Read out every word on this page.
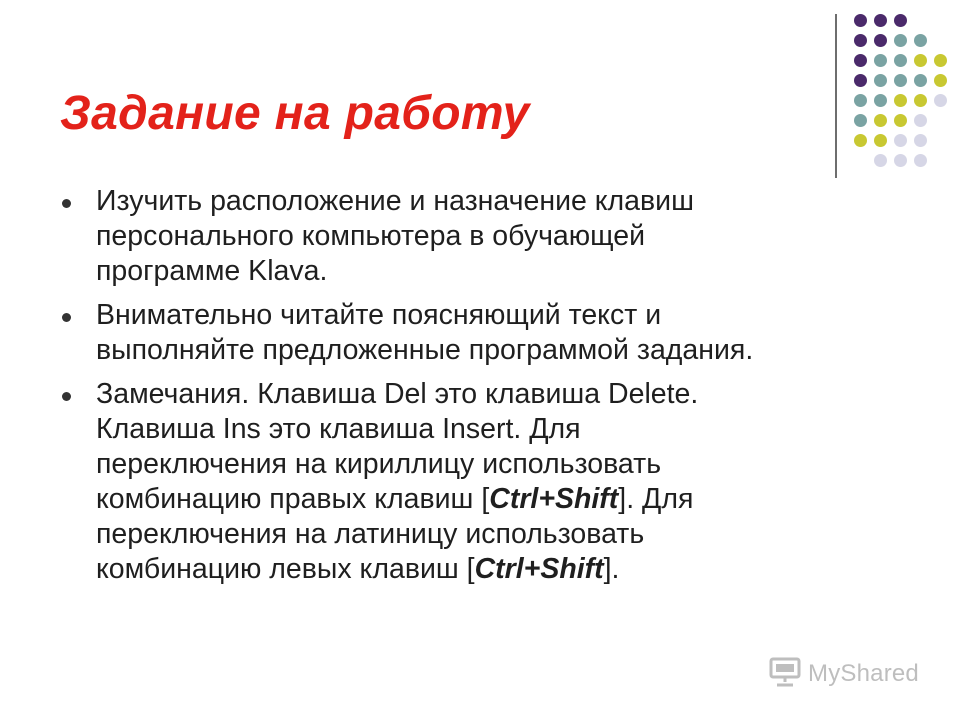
Задание на работу
Изучить расположение и назначение клавиш
персонального компьютера в обучающей
программе Klava.
Внимательно читайте поясняющий текст и
выполняйте предложенные программой задания.
Замечания. Клавиша Del это клавиша Delete.
Клавиша Ins это клавиша Insert. Для
переключения на кириллицу использовать
комбинацию правых клавиш [Ctrl+Shift]. Для
переключения на латиницу использовать
комбинацию левых клавиш [Ctrl+Shift].
MyShared
